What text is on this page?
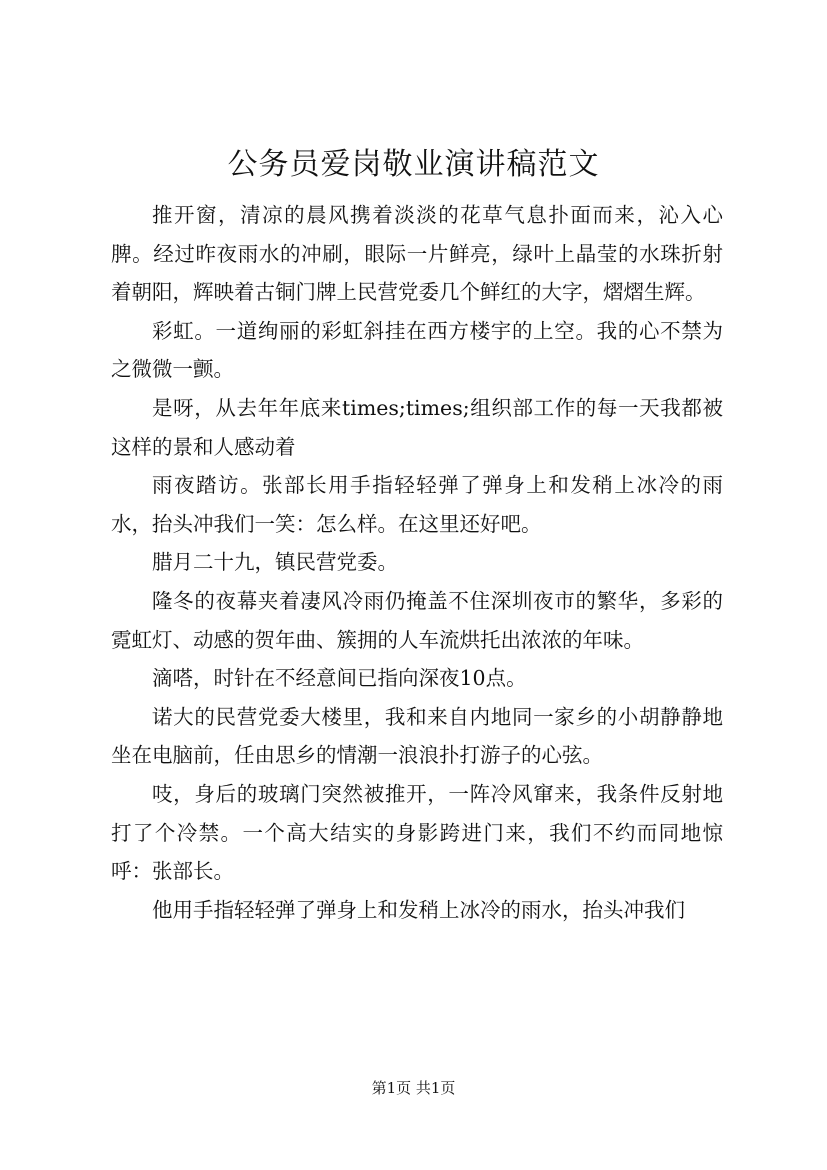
公务员爱岗敬业演讲稿范文

推开窗，清凉的晨风携着淡淡的花草气息扑面而来，沁入心脾。经过昨夜雨水的冲刷，眼际一片鲜亮，绿叶上晶莹的水珠折射着朝阳，辉映着古铜门牌上民营党委几个鲜红的大字，熠熠生辉。

彩虹。一道绚丽的彩虹斜挂在西方楼宇的上空。我的心不禁为之微微一颤。

是呀，从去年年底来times;times;组织部工作的每一天我都被这样的景和人感动着

雨夜踏访。张部长用手指轻轻弹了弹身上和发稍上冰冷的雨水，抬头冲我们一笑：怎么样。在这里还好吧。

腊月二十九，镇民营党委。

隆冬的夜幕夹着凄风冷雨仍掩盖不住深圳夜市的繁华，多彩的霓虹灯、动感的贺年曲、簇拥的人车流烘托出浓浓的年味。

滴嗒，时针在不经意间已指向深夜10点。

诺大的民营党委大楼里，我和来自内地同一家乡的小胡静静地坐在电脑前，任由思乡的情潮一浪浪扑打游子的心弦。

吱，身后的玻璃门突然被推开，一阵冷风窜来，我条件反射地打了个冷禁。一个高大结实的身影跨进门来，我们不约而同地惊呼：张部长。

他用手指轻轻弹了弹身上和发稍上冰冷的雨水，抬头冲我们

第1页 共1页
